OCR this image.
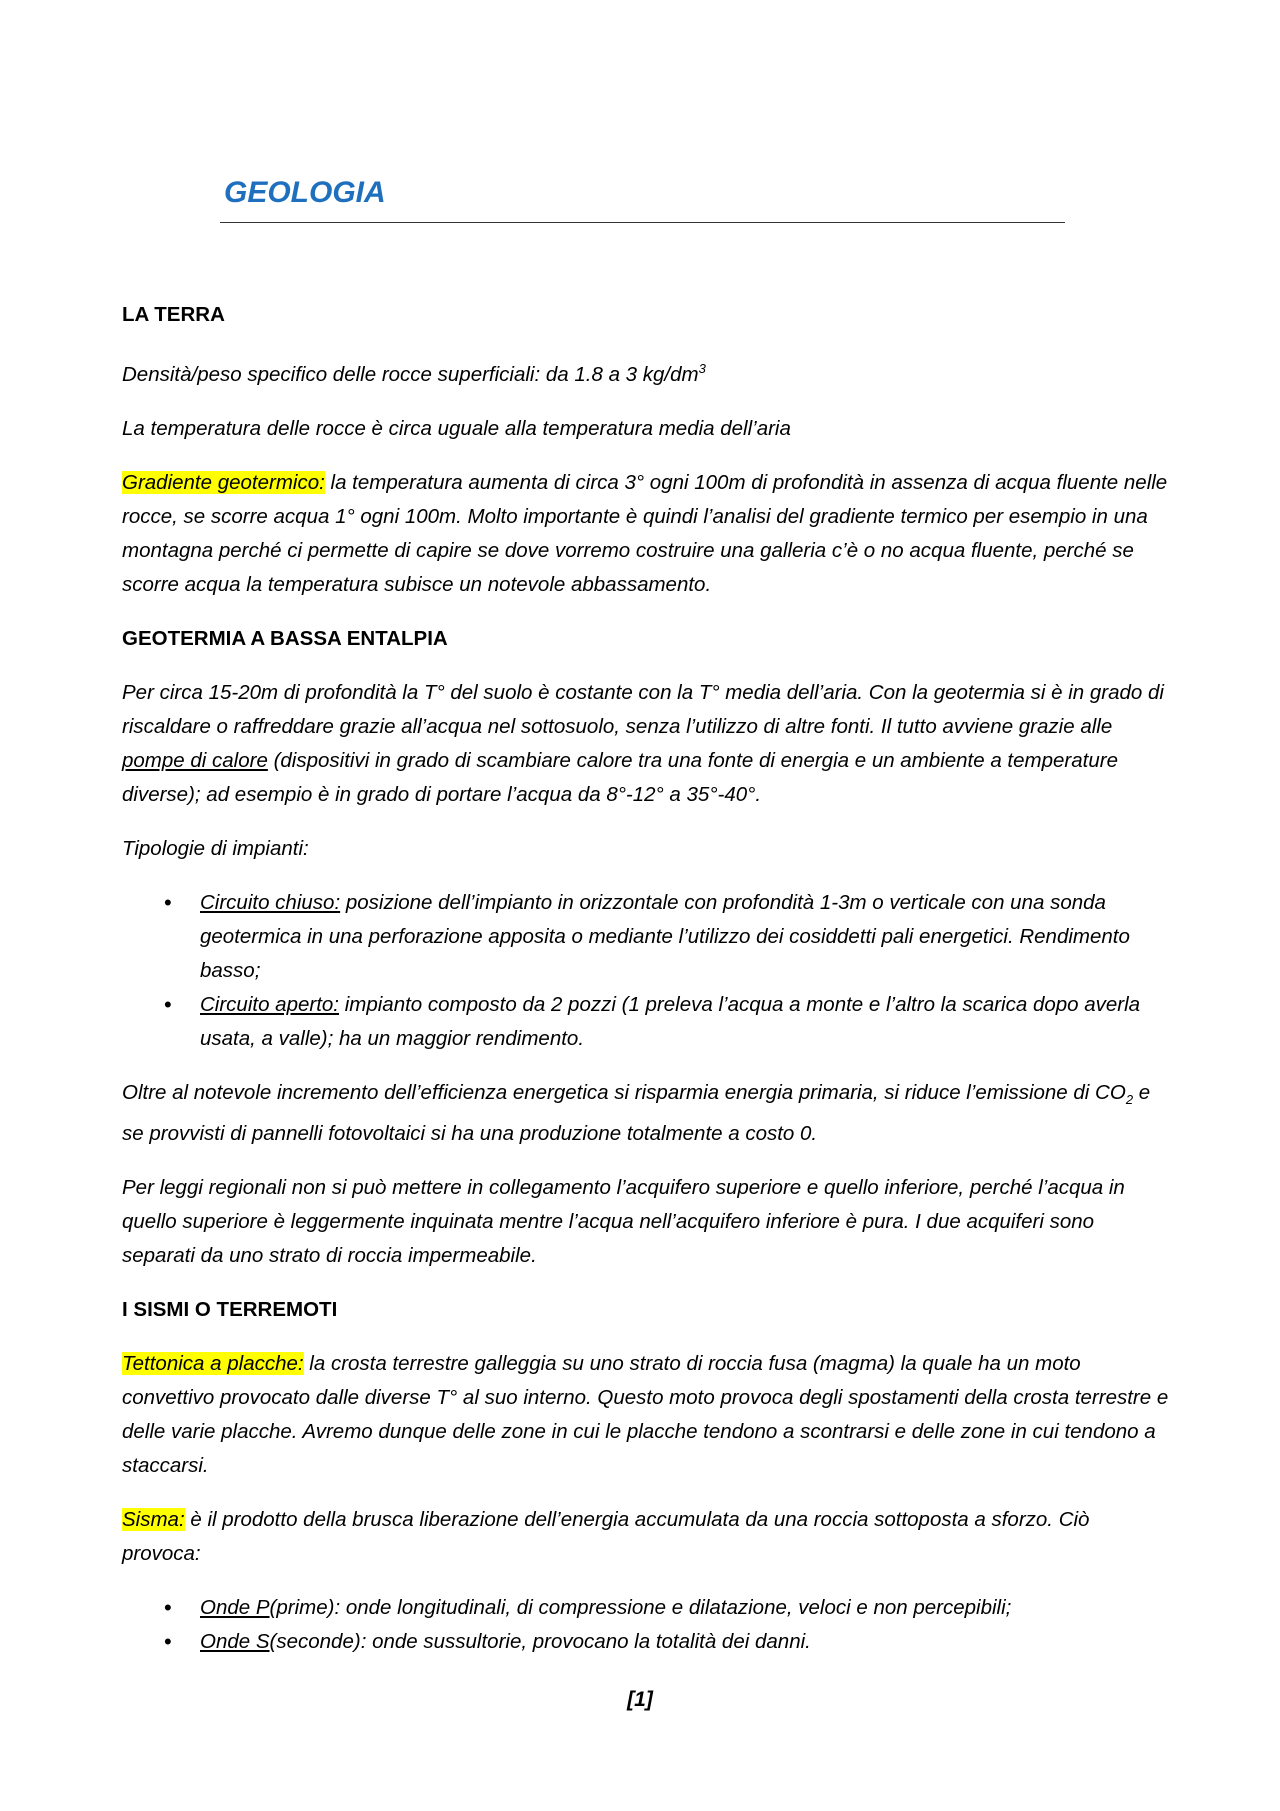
GEOLOGIA

LA TERRA

Densità/peso specifico delle rocce superficiali: da 1.8 a 3 $kg/dm^3$

La temperatura delle rocce è circa uguale alla temperatura media dell’aria

Gradiente geotermico: la temperatura aumenta di circa 3° ogni 100m di profondità in assenza di acqua fluente nelle rocce, se scorre acqua 1° ogni 100m. Molto importante è quindi l’analisi del gradiente termico per esempio in una montagna perché ci permette di capire se dove vorremo costruire una galleria c’è o no acqua fluente, perché se scorre acqua la temperatura subisce un notevole abbassamento.

GEOTERMIA A BASSA ENTALPIA

Per circa 15-20m di profondità la T° del suolo è costante con la T° media dell’aria. Con la geotermia si è in grado di riscaldare o raffreddare grazie all’acqua nel sottosuolo, senza l’utilizzo di altre fonti. Il tutto avviene grazie alle pompe di calore (dispositivi in grado di scambiare calore tra una fonte di energia e un ambiente a temperature diverse); ad esempio è in grado di portare l’acqua da 8°-12° a 35°-40°.

Tipologie di impianti:

• Circuito chiuso: posizione dell’impianto in orizzontale con profondità 1-3m o verticale con una sonda geotermica in una perforazione apposita o mediante l’utilizzo dei cosiddetti pali energetici. Rendimento basso;
• Circuito aperto: impianto composto da 2 pozzi (1 preleva l’acqua a monte e l’altro la scarica dopo averla usata, a valle); ha un maggior rendimento.

Oltre al notevole incremento dell’efficienza energetica si risparmia energia primaria, si riduce l’emissione di $CO_2$ e se provvisti di pannelli fotovoltaici si ha una produzione totalmente a costo 0.

Per leggi regionali non si può mettere in collegamento l’acquifero superiore e quello inferiore, perché l’acqua in quello superiore è leggermente inquinata mentre l’acqua nell’acquifero inferiore è pura. I due acquiferi sono separati da uno strato di roccia impermeabile.

I SISMI O TERREMOTI

Tettonica a placche: la crosta terrestre galleggia su uno strato di roccia fusa (magma) la quale ha un moto convettivo provocato dalle diverse T° al suo interno. Questo moto provoca degli spostamenti della crosta terrestre e delle varie placche. Avremo dunque delle zone in cui le placche tendono a scontrarsi e delle zone in cui tendono a staccarsi.

Sisma: è il prodotto della brusca liberazione dell’energia accumulata da una roccia sottoposta a sforzo. Ciò provoca:

• Onde P(prime): onde longitudinali, di compressione e dilatazione, veloci e non percepibili;
• Onde S(seconde): onde sussultorie, provocano la totalità dei danni.
[1]
